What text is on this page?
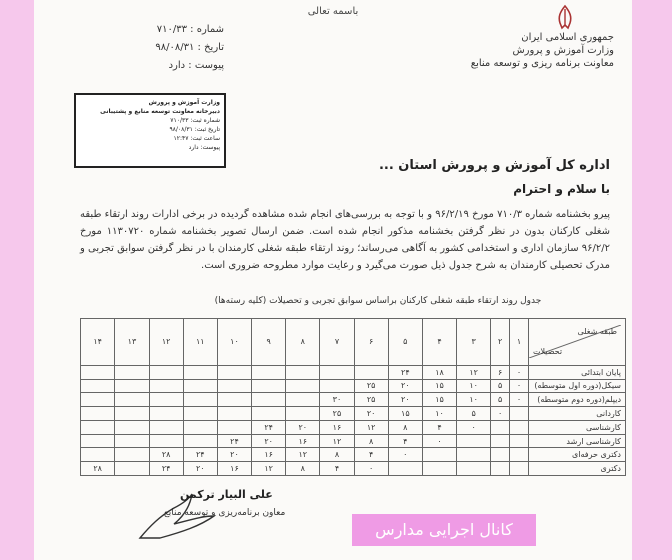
باسمه تعالی
جمهوری اسلامی ایران
وزارت آموزش و پرورش
معاونت برنامه ریزی و توسعه منابع
شماره : ۷۱۰/۳۳
تاریخ : ۹۸/۰۸/۳۱
پیوست : دارد
وزارت آموزش و پرورش
دبیرخانه معاونت توسعه منابع و پشتیبانی
شماره ثبت: ۷۱۰/۳۳
تاریخ ثبت: ۹۸/۰۸/۳۱
ساعت ثبت: ۱۲:۴۷
پیوست: دارد
اداره کل آموزش و پرورش استان ...
با سلام و احترام
پیرو بخشنامه شماره ۷۱۰/۳ مورخ ۹۶/۲/۱۹ و با توجه به بررسی‌های انجام شده مشاهده گردیده در برخی ادارات روند ارتقاء طبقه شغلی کارکنان بدون در نظر گرفتن بخشنامه مذکور انجام شده است. ضمن ارسال تصویر بخشنامه شماره ۱۱۳۰۷۲۰ مورخ ۹۶/۲/۲ سازمان اداری و استخدامی کشور به آگاهی می‌رساند؛ روند ارتقاء طبقه شغلی کارمندان با در نظر گرفتن سوابق تجربی و مدرک تحصیلی کارمندان به شرح جدول ذیل صورت می‌گیرد و رعایت موارد مطروحه ضروری است.
جدول روند ارتقاء طبقه شغلی کارکنان براساس سوابق تجربی و تحصیلات (کلیه رسته‌ها)
طبقه شغلی
تحصیلات	۱	۲	۳	۴	۵	۶	۷	۸	۹	۱۰	۱۱	۱۲	۱۳	۱۴
پایان ابتدائی	۰	۶	۱۲	۱۸	۲۴									
سیکل(دوره اول متوسطه)	۰	۵	۱۰	۱۵	۲۰	۲۵								
دیپلم(دوره دوم متوسطه)	۰	۵	۱۰	۱۵	۲۰	۲۵	۳۰							
کاردانی		۰	۵	۱۰	۱۵	۲۰	۲۵							
کارشناسی			۰	۴	۸	۱۲	۱۶	۲۰	۲۴					
کارشناسی ارشد				۰	۴	۸	۱۲	۱۶	۲۰	۲۴				
دکتری حرفه‌ای					۰	۴	۸	۱۲	۱۶	۲۰	۲۴	۲۸		
دکتری						۰	۴	۸	۱۲	۱۶	۲۰	۲۴		۲۸
علی البیار ترکمن
معاون برنامه‌ریزی و توسعه منابع
کانال اجرایی مدارس
